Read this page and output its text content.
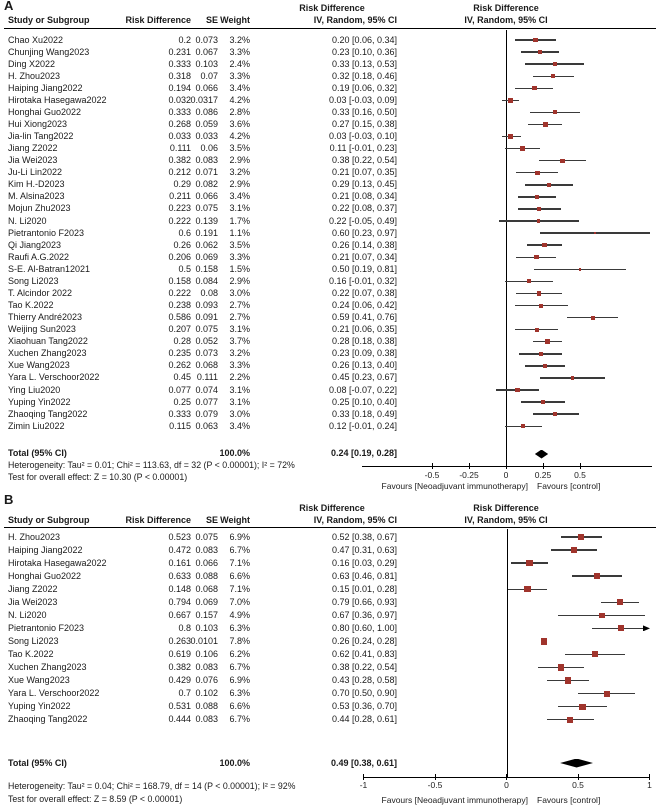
A	Risk Difference	Risk Difference
Study or Subgroup	Risk Difference	SE Weight	IV, Random, 95% CI	IV, Random, 95% CI
Total (95% CI)	100.0%	0.24 [0.19, 0.28]
Heterogeneity: Tau² = 0.01; Chi² = 113.63, df = 32 (P < 0.00001); I² = 72%
Test for overall effect: Z = 10.30 (P < 0.00001)
Favours [Neoadjuvant immunotherapy] Favours [control]
Chao Xu2022	0.2 0.073	3.2%	0.20 [0.06, 0.34]
Chunjing Wang2023	0.231 0.067	3.3%	0.23 [0.10, 0.36]
Ding X2022	0.333 0.103	2.4%	0.33 [0.13, 0.53]
H. Zhou2023	0.318	0.07	3.3%	0.32 [0.18, 0.46]
Haiping Jiang2022	0.194 0.066	3.4%	0.19 [0.06, 0.32]
Hirotaka Hasegawa2022	0.032 0.0317	4.2%	0.03 [-0.03, 0.09]
Honghai Guo2022	0.333 0.086	2.8%	0.33 [0.16, 0.50]
Hui Xiong2023	0.268 0.059	3.6%	0.27 [0.15, 0.38]
Jia-lin Tang2022	0.033 0.033	4.2%	0.03 [-0.03, 0.10]
Jiang Z2022	0.111	0.06	3.5%	0.11 [-0.01, 0.23]
Jia Wei2023	0.382 0.083	2.9%	0.38 [0.22, 0.54]
Ju-Li Lin2022	0.212 0.071	3.2%	0.21 [0.07, 0.35]
Kim H.-D2023	0.29 0.082	2.9%	0.29 [0.13, 0.45]
M. Alsina2023	0.211 0.066	3.4%	0.21 [0.08, 0.34]
Mojun Zhu2023	0.223 0.075	3.1%	0.22 [0.08, 0.37]
N. Li2020	0.222 0.139	1.7%	0.22 [-0.05, 0.49]
Pietrantonio F2023	0.6 0.191	1.1%	0.60 [0.23, 0.97]
Qi Jiang2023	0.26 0.062	3.5%	0.26 [0.14, 0.38]
Raufi A.G.2022	0.206 0.069	3.3%	0.21 [0.07, 0.34]
S-E. Al-Batran12021	0.5 0.158	1.5%	0.50 [0.19, 0.81]
Song Li2023	0.158 0.084	2.9%	0.16 [-0.01, 0.32]
T. Alcindor 2022	0.222	0.08	3.0%	0.22 [0.07, 0.38]
Tao K.2022	0.238 0.093	2.7%	0.24 [0.06, 0.42]
Thierry André2023	0.586 0.091	2.7%	0.59 [0.41, 0.76]
Weijing Sun2023	0.207 0.075	3.1%	0.21 [0.06, 0.35]
Xiaohuan Tang2022	0.28 0.052	3.7%	0.28 [0.18, 0.38]
Xuchen Zhang2023	0.235 0.073	3.2%	0.23 [0.09, 0.38]
Xue Wang2023	0.262 0.068	3.3%	0.26 [0.13, 0.40]
Yara L. Verschoor2022	0.45 0.111	2.2%	0.45 [0.23, 0.67]
Ying Liu2020	0.077 0.074	3.1%	0.08 [-0.07, 0.22]
Yuping Yin2022	0.25 0.077	3.1%	0.25 [0.10, 0.40]
Zhaoqing Tang2022	0.333 0.079	3.0%	0.33 [0.18, 0.49]
Zimin Liu2022	0.115 0.063	3.4%	0.12 [-0.01, 0.24]
-0.5	-0.25	0	0.25	0.5
B
Risk Difference	Risk Difference
Study or Subgroup	Risk Difference	SE Weight	IV, Random, 95% CI	IV, Random, 95% CI
Total (95% CI)	100.0%	0.49 [0.38, 0.61]
Heterogeneity: Tau² = 0.04; Chi² = 168.79, df = 14 (P < 0.00001); I² = 92%
Test for overall effect: Z = 8.59 (P < 0.00001)	Favours [Neoadjuvant immunotherapy] Favours [control]
H. Zhou2023	0.523 0.075	6.9%	0.52 [0.38, 0.67]
Haiping Jiang2022	0.472 0.083	6.7%	0.47 [0.31, 0.63]
Hirotaka Hasegawa2022	0.161 0.066	7.1%	0.16 [0.03, 0.29]
Honghai Guo2022	0.633 0.088	6.6%	0.63 [0.46, 0.81]
Jiang Z2022	0.148 0.068	7.1%	0.15 [0.01, 0.28]
Jia Wei2023	0.794 0.069	7.0%	0.79 [0.66, 0.93]
N. Li2020	0.667 0.157	4.9%	0.67 [0.36, 0.97]
Pietrantonio F2023	0.8 0.103	6.3%	0.80 [0.60, 1.00]
Song Li2023	0.263 0.0101	7.8%	0.26 [0.24, 0.28]
Tao K.2022	0.619 0.106	6.2%	0.62 [0.41, 0.83]
Xuchen Zhang2023	0.382 0.083	6.7%	0.38 [0.22, 0.54]
Xue Wang2023	0.429 0.076	6.9%	0.43 [0.28, 0.58]
Yara L. Verschoor2022	0.7 0.102	6.3%	0.70 [0.50, 0.90]
Yuping Yin2022	0.531 0.088	6.6%	0.53 [0.36, 0.70]
Zhaoqing Tang2022	0.444 0.083	6.7%	0.44 [0.28, 0.61]
-1	-0.5	0	0.5	1
